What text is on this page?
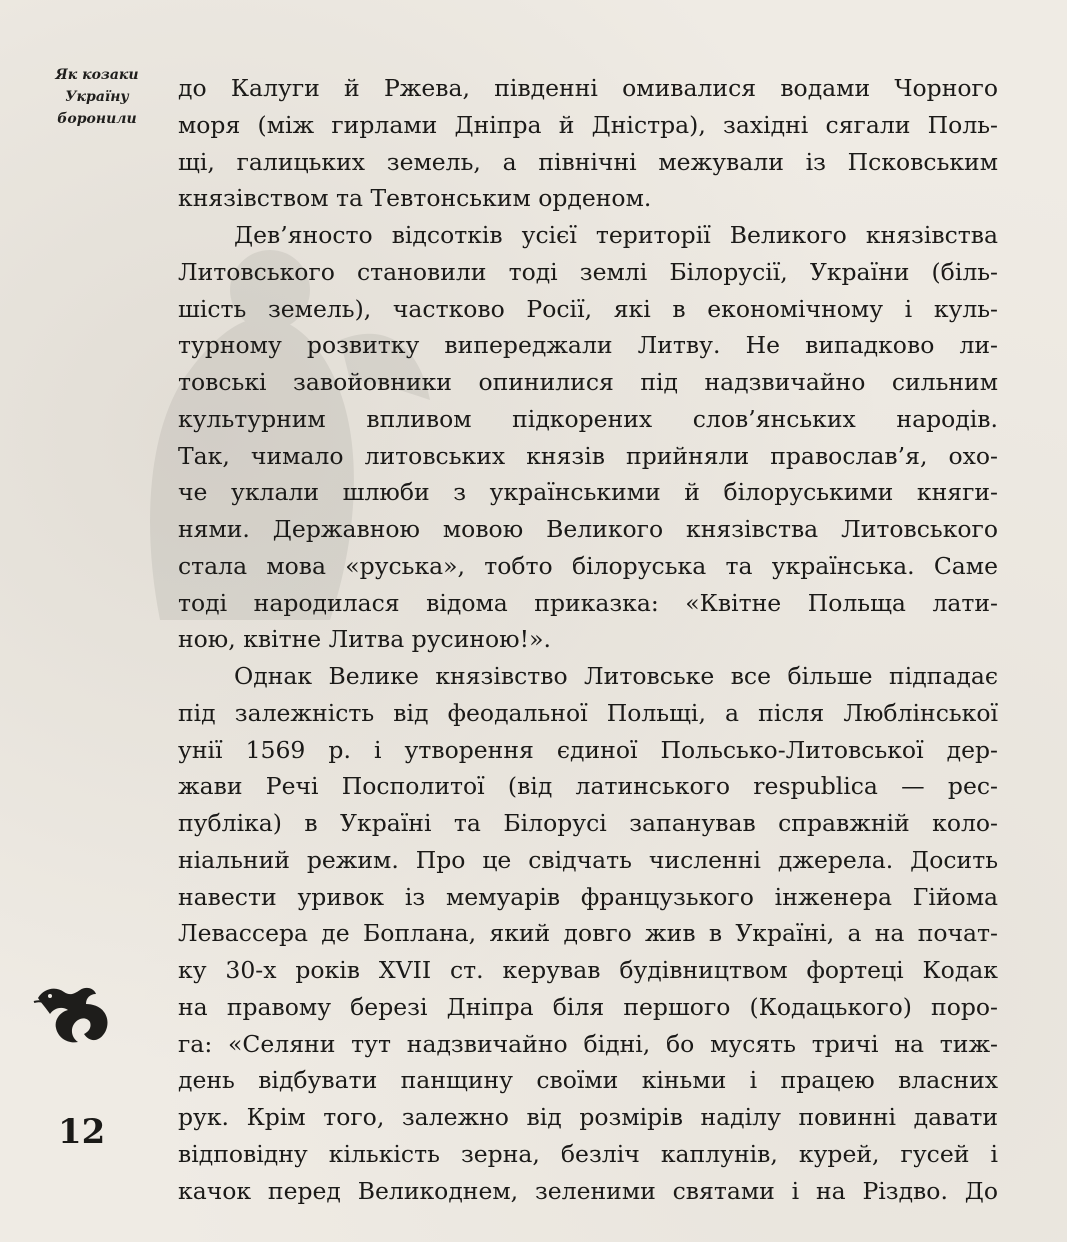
Як козаки
Україну
боронили
до Калуги й Ржева, південні омивалися водами Чорного
моря (між гирлами Дніпра й Дністра), західні сягали Поль-
щі, галицьких земель, а північні межували із Псковським
князівством та Тевтонським орденом.
Дев’яносто відсотків усієї території Великого князівства
Литовського становили тоді землі Білорусії, України (біль-
шість земель), частково Росії, які в економічному і куль-
турному розвитку випереджали Литву. Не випадково ли-
товські завойовники опинилися під надзвичайно сильним
культурним впливом підкорених слов’янських народів.
Так, чимало литовських князів прийняли православ’я, охо-
че уклали шлюби з українськими й білоруськими княги-
нями. Державною мовою Великого князівства Литовського
стала мова «руська», тобто білоруська та українська. Саме
тоді народилася відома приказка: «Квітне Польща лати-
ною, квітне Литва русиною!».
Однак Велике князівство Литовське все більше підпадає
під залежність від феодальної Польщі, а після Люблінської
унії 1569 р. і утворення єдиної Польсько-Литовської дер-
жави Речі Посполитої (від латинського respublica — рес-
публіка) в Україні та Білорусі запанував справжній коло-
ніальний режим. Про це свідчать численні джерела. Досить
навести уривок із мемуарів французького інженера Гійома
Левассера де Боплана, який довго жив в Україні, а на почат-
ку 30-х років XVII ст. керував будівництвом фортеці Кодак
на правому березі Дніпра біля першого (Кодацького) поро-
га: «Селяни тут надзвичайно бідні, бо мусять тричі на тиж-
день відбувати панщину своїми кіньми і працею власних
рук. Крім того, залежно від розмірів наділу повинні давати
відповідну кількість зерна, безліч каплунів, курей, гусей і
качок перед Великоднем, зеленими святами і на Різдво. До
12
